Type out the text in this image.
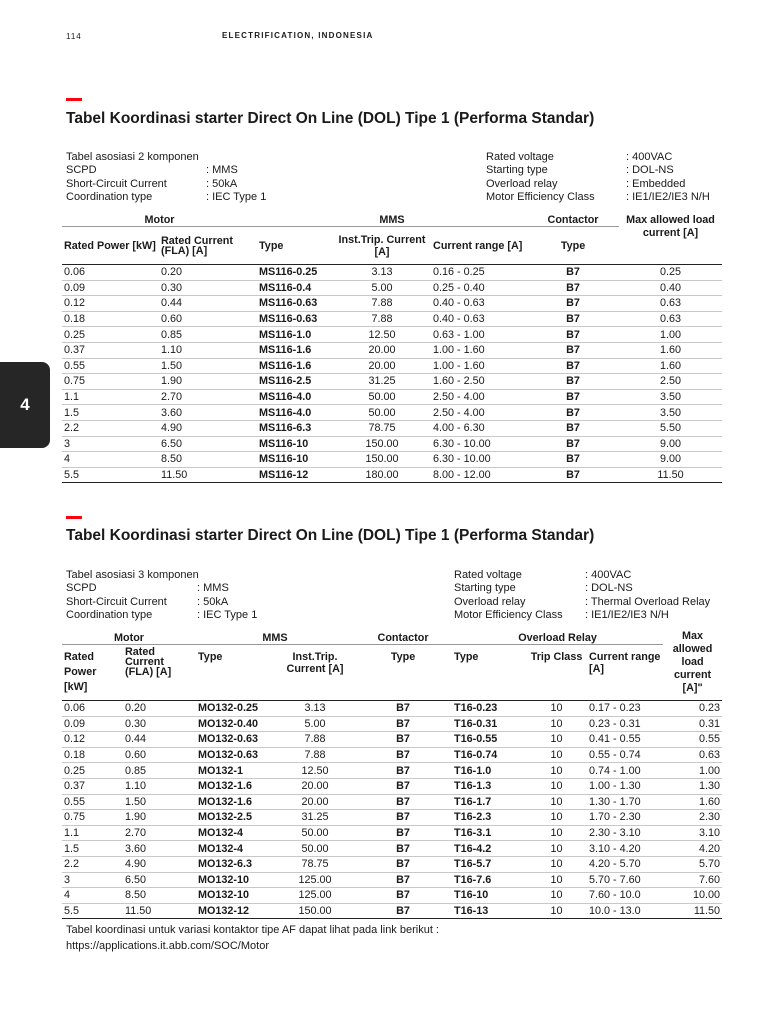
114	ELECTRIFICATION, INDONESIA
4
Tabel Koordinasi starter Direct On Line (DOL) Tipe 1 (Performa Standar)
Tabel asosiasi 2 komponen
SCPD	: MMS
Short-Circuit Current	: 50kA
Coordination type	: IEC Type 1
Rated voltage	: 400VAC
Starting type	: DOL-NS
Overload relay	: Embedded
Motor Efficiency Class	: IE1/IE2/IE3 N/H
Motor		MMS			Contactor	Max allowed load current [A]
Rated Power [kW]	Rated Current (FLA) [A]	Type	Inst.Trip. Current [A]	Current range [A]	Type	
0.06	0.20	MS116-0.25	3.13	0.16 - 0.25	B7	0.25
0.09	0.30	MS116-0.4	5.00	0.25 - 0.40	B7	0.40
0.12	0.44	MS116-0.63	7.88	0.40 - 0.63	B7	0.63
0.18	0.60	MS116-0.63	7.88	0.40 - 0.63	B7	0.63
0.25	0.85	MS116-1.0	12.50	0.63 - 1.00	B7	1.00
0.37	1.10	MS116-1.6	20.00	1.00 - 1.60	B7	1.60
0.55	1.50	MS116-1.6	20.00	1.00 - 1.60	B7	1.60
0.75	1.90	MS116-2.5	31.25	1.60 - 2.50	B7	2.50
1.1	2.70	MS116-4.0	50.00	2.50 - 4.00	B7	3.50
1.5	3.60	MS116-4.0	50.00	2.50 - 4.00	B7	3.50
2.2	4.90	MS116-6.3	78.75	4.00 - 6.30	B7	5.50
3	6.50	MS116-10	150.00	6.30 - 10.00	B7	9.00
4	8.50	MS116-10	150.00	6.30 - 10.00	B7	9.00
5.5	11.50	MS116-12	180.00	8.00 - 12.00	B7	11.50
Tabel Koordinasi starter Direct On Line (DOL) Tipe 1 (Performa Standar)
Tabel asosiasi 3 komponen
SCPD	: MMS
Short-Circuit Current	: 50kA
Coordination type	: IEC Type 1
Rated voltage	: 400VAC
Starting type	: DOL-NS
Overload relay	: Thermal Overload Relay
Motor Efficiency Class	: IE1/IE2/IE3 N/H
Motor		MMS		Contactor	Overload Relay			Max allowed load current [A]"
Rated Power [kW]	Rated Current (FLA) [A]	Type	Inst.Trip. Current [A]	Type	Type	Trip Class	Current range [A]	
0.06	0.20	MO132-0.25	3.13	B7	T16-0.23	10	0.17 - 0.23	0.23
0.09	0.30	MO132-0.40	5.00	B7	T16-0.31	10	0.23 - 0.31	0.31
0.12	0.44	MO132-0.63	7.88	B7	T16-0.55	10	0.41 - 0.55	0.55
0.18	0.60	MO132-0.63	7.88	B7	T16-0.74	10	0.55 - 0.74	0.63
0.25	0.85	MO132-1	12.50	B7	T16-1.0	10	0.74 - 1.00	1.00
0.37	1.10	MO132-1.6	20.00	B7	T16-1.3	10	1.00 - 1.30	1.30
0.55	1.50	MO132-1.6	20.00	B7	T16-1.7	10	1.30 - 1.70	1.60
0.75	1.90	MO132-2.5	31.25	B7	T16-2.3	10	1.70 - 2.30	2.30
1.1	2.70	MO132-4	50.00	B7	T16-3.1	10	2.30 - 3.10	3.10
1.5	3.60	MO132-4	50.00	B7	T16-4.2	10	3.10 - 4.20	4.20
2.2	4.90	MO132-6.3	78.75	B7	T16-5.7	10	4.20 - 5.70	5.70
3	6.50	MO132-10	125.00	B7	T16-7.6	10	5.70 - 7.60	7.60
4	8.50	MO132-10	125.00	B7	T16-10	10	7.60 - 10.0	10.00
5.5	11.50	MO132-12	150.00	B7	T16-13	10	10.0 - 13.0	11.50
Tabel koordinasi untuk variasi kontaktor tipe AF dapat lihat pada link berikut :
https://applications.it.abb.com/SOC/Motor
